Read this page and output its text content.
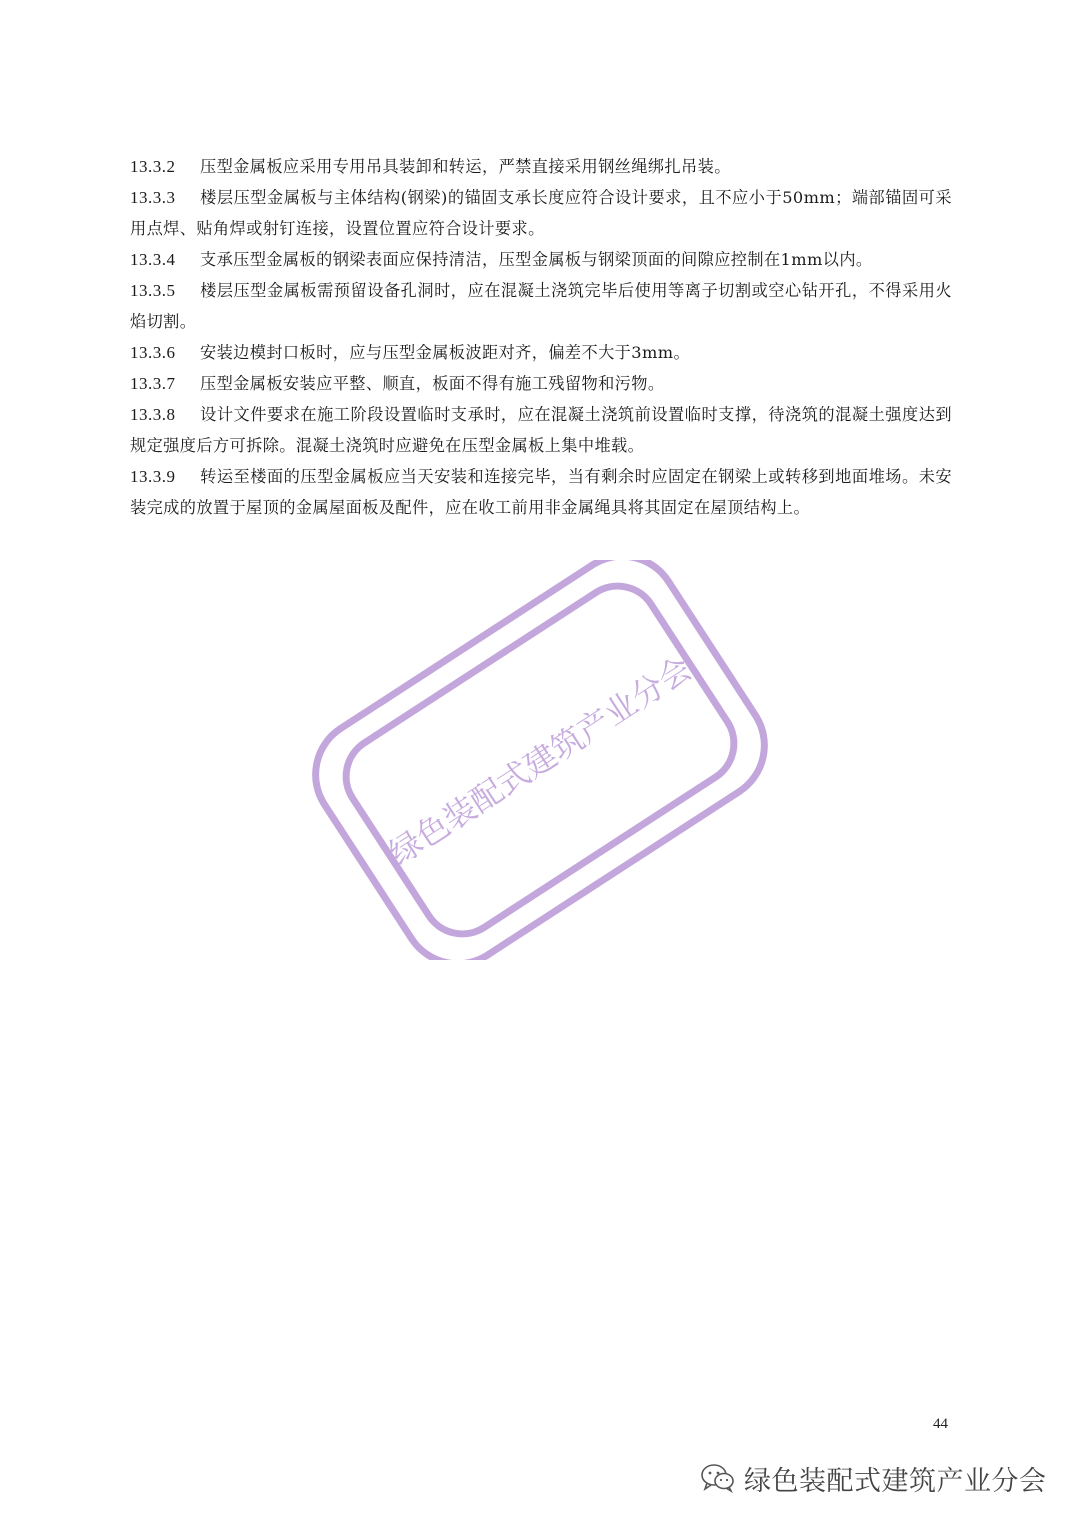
13.3.2 压型金属板应采用专用吊具装卸和转运，严禁直接采用钢丝绳绑扎吊装。

13.3.3 楼层压型金属板与主体结构(钢梁)的锚固支承长度应符合设计要求，且不应小于50mm；端部锚固可采用点焊、贴角焊或射钉连接，设置位置应符合设计要求。

13.3.4 支承压型金属板的钢梁表面应保持清洁，压型金属板与钢梁顶面的间隙应控制在1mm以内。

13.3.5 楼层压型金属板需预留设备孔洞时，应在混凝土浇筑完毕后使用等离子切割或空心钻开孔，不得采用火焰切割。

13.3.6 安装边模封口板时，应与压型金属板波距对齐，偏差不大于3mm。

13.3.7 压型金属板安装应平整、顺直，板面不得有施工残留物和污物。

13.3.8 设计文件要求在施工阶段设置临时支承时，应在混凝土浇筑前设置临时支撑，待浇筑的混凝土强度达到规定强度后方可拆除。混凝土浇筑时应避免在压型金属板上集中堆载。

13.3.9 转运至楼面的压型金属板应当天安装和连接完毕，当有剩余时应固定在钢梁上或转移到地面堆场。未安装完成的放置于屋顶的金属屋面板及配件，应在收工前用非金属绳具将其固定在屋顶结构上。

绿色装配式建筑产业分会
44
绿色装配式建筑产业分会
